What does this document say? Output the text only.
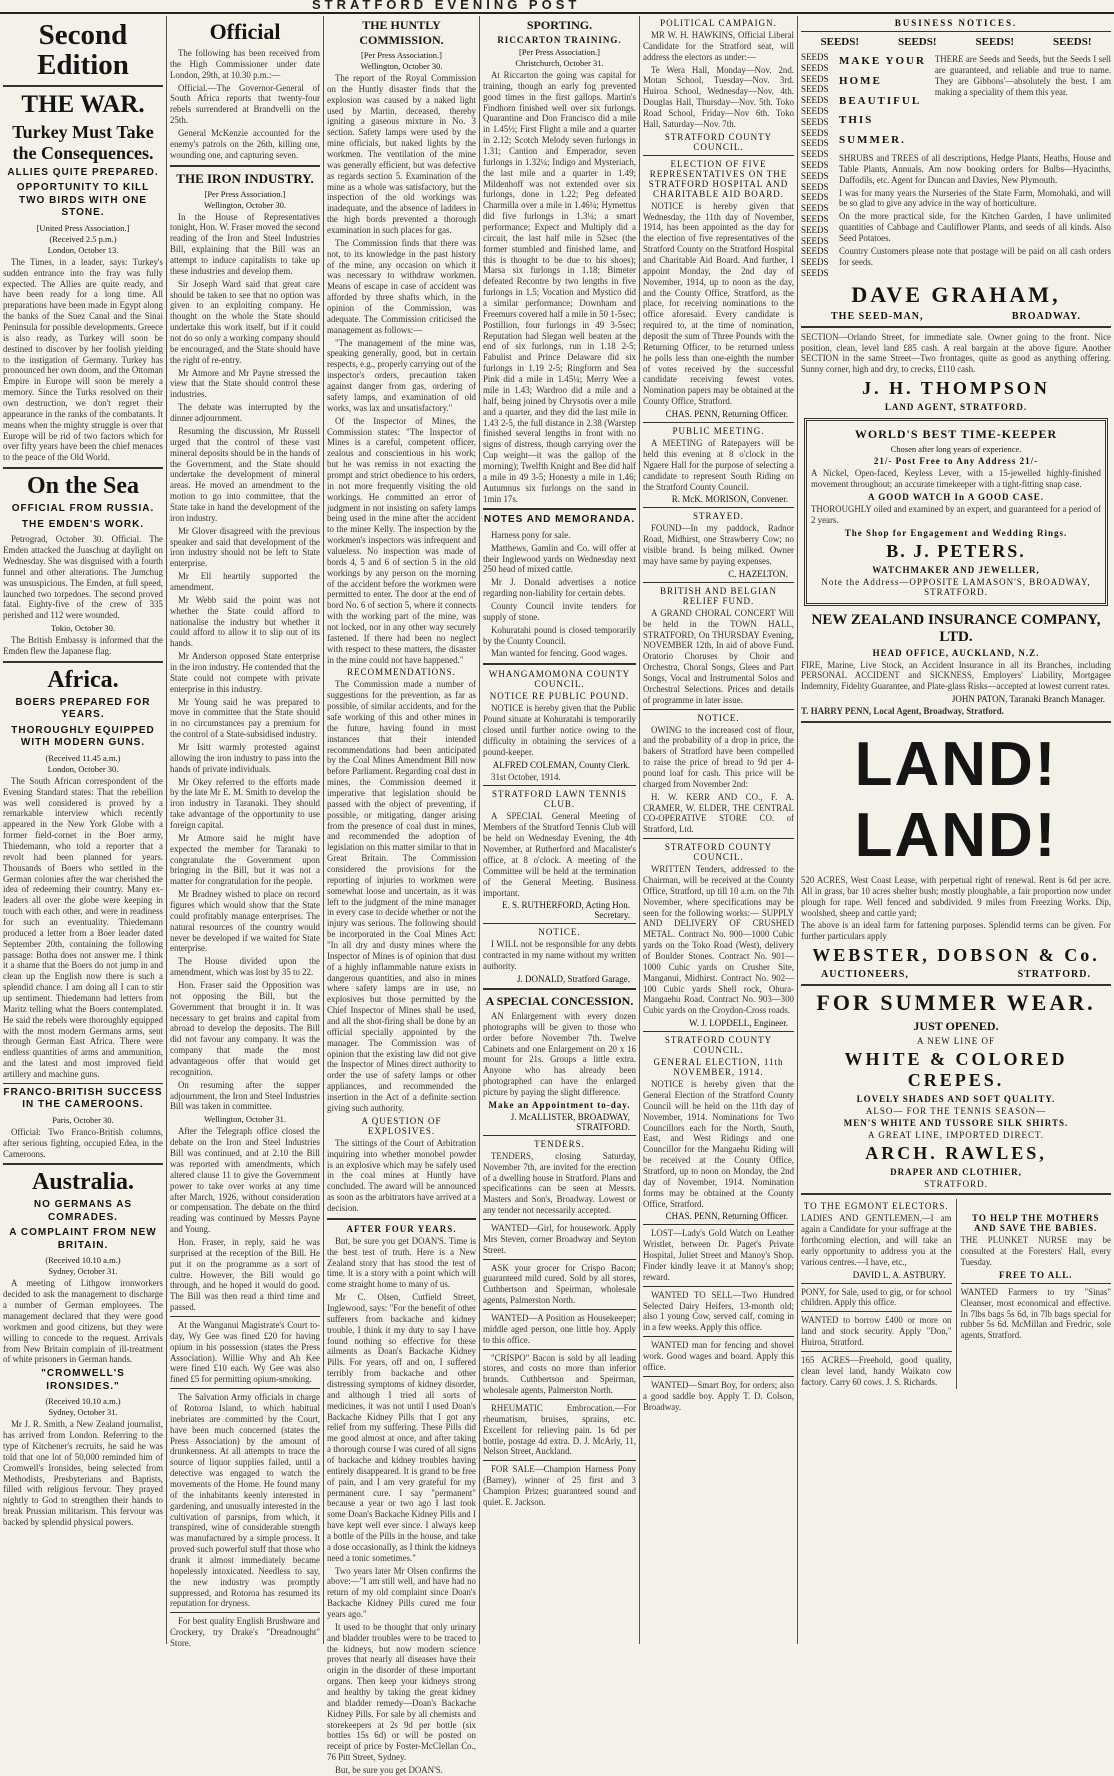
STRATFORD EVENING POST

Second Edition

THE WAR.

Turkey Must Take the Consequences.

ALLIES QUITE PREPARED.

OPPORTUNITY TO KILL TWO BIRDS WITH ONE STONE.

[United Press Association.]

(Received 2.5 p.m.)

London, October 13.

The Times, in a leader, says: Turkey's sudden entrance into the fray was fully expected. The Allies are quite ready, and have been ready for a long time. All preparations have been made in Egypt along the banks of the Suez Canal and the Sinai Peninsula for possible developments. Greece is also ready, as Turkey will soon be destined to discover by her foolish yielding to the instigation of Germany. Turkey has pronounced her own doom, and the Ottoman Empire in Europe will soon be merely a memory. Since the Turks resolved on their own destruction, we don't regret their appearance in the ranks of the combatants. It means when the mighty struggle is over that Europe will be rid of two factors which for over fifty years have been the chief menaces to the peace of the Old World.

On the Sea

OFFICIAL FROM RUSSIA.

THE EMDEN'S WORK.

Petrograd, October 30. Official. The Emden attacked the Juaschug at daylight on Wednesday. She was disguised with a fourth funnel and other alterations. The Jumchug was unsuspicious. The Emden, at full speed, launched two torpedoes. The second proved fatal. Eighty-five of the crew of 335 perished and 112 were wounded.

Tokio, October 30.

The British Embassy is informed that the Emden flew the Japanese flag.

Africa.

BOERS PREPARED FOR YEARS.

THOROUGHLY EQUIPPED WITH MODERN GUNS.

(Received 11.45 a.m.)

London, October 30.

The South African correspondent of the Evening Standard states: That the rebellion was well considered is proved by a remarkable interview which recently appeared in the New York Globe with a former field-cornet in the Boer army, Thiedemann, who told a reporter that a revolt had been planned for years. Thousands of Boers who settled in the German colonies after the war cherished the idea of redeeming their country. Many ex-leaders all over the globe were keeping in touch with each other, and were in readiness for such an eventuality. Thiedemann produced a letter from a Boer leader dated September 20th, containing the following passage: Botha does not answer me. I think it a shame that the Boers do not jump in and clean up the English now there is such a splendid chance. I am doing all I can to stir up sentiment. Thiedemann had letters from Maritz telling what the Boers contemplated. He said the rebels were thoroughly equipped with the most modern Germans arms, sent through German East Africa. There were endless quantities of arms and ammunition, and the latest and most improved field artillery and machine guns.

FRANCO-BRITISH SUCCESS IN THE CAMEROONS.

Paris, October 30.

Official: Two Franco-British columns, after serious fighting, occupied Edea, in the Cameroons.

Australia.

NO GERMANS AS COMRADES.

A COMPLAINT FROM NEW BRITAIN.

(Received 10.10 a.m.)

Sydney, October 31.

A meeting of Lithgow ironworkers decided to ask the management to discharge a number of German employees. The management declared that they were good workmen and good citizens, but they were willing to concede to the request. Arrivals from New Britain complain of ill-treatment of white prisoners in German hands.

"CROMWELL'S IRONSIDES."

(Received 10.10 a.m.)

Sydney, October 31.

Mr J. R. Smith, a New Zealand journalist, has arrived from London. Referring to the type of Kitchener's recruits, he said he was told that one lot of 50,000 reminded him of Cromwell's Ironsides, being selected from Methodists, Presbyterians and Baptists, filled with religious fervour. They prayed nightly to God to strengthen their hands to break Prussian militarism. This fervour was backed by splendid physical powers.

Official

The following has been received from the High Commissioner under date London, 29th, at 10.30 p.m.:—

Official.—The Governor-General of South Africa reports that twenty-four rebels surrendered at Brandvelli on the 25th.

General McKenzie accounted for the enemy's patrols on the 26th, killing one, wounding one, and capturing seven.

THE IRON INDUSTRY.

[Per Press Association.]

Wellington, October 30.

In the House of Representatives tonight, Hon. W. Fraser moved the second reading of the Iron and Steel Industries Bill, explaining that the Bill was an attempt to induce capitalists to take up these industries and develop them.

Sir Joseph Ward said that great care should be taken to see that no option was given to an exploiting company. He thought on the whole the State should undertake this work itself, but if it could not do so only a working company should be encouraged, and the State should have the right of re-entry.

Mr Atmore and Mr Payne stressed the view that the State should control these industries.

The debate was interrupted by the dinner adjournment.

Resuming the discussion, Mr Russell urged that the control of these vast mineral deposits should be in the hands of the Government, and the State should undertake the development of mineral areas. He moved an amendment to the motion to go into committee, that the State take in hand the development of the iron industry.

Mr Glover disagreed with the previous speaker and said that development of the iron industry should not be left to State enterprise.

Mr Ell heartily supported the amendment.

Mr Webb said the point was not whether the State could afford to nationalise the industry but whether it could afford to allow it to slip out of its hands.

Mr Anderson opposed State enterprise in the iron industry. He contended that the State could not compete with private enterprise in this industry.

Mr Young said he was prepared to move in committee that the State should in no circumstances pay a premium for the control of a State-subsidised industry.

Mr Isitt warmly protested against allowing the iron industry to pass into the hands of private individuals.

Mr Okey referred to the efforts made by the late Mr E. M. Smith to develop the iron industry in Taranaki. They should take advantage of the opportunity to use foreign capital.

Mr Atmore said he might have expected the member for Taranaki to congratulate the Government upon bringing in the Bill, but it was not a matter for congratulation for the people.

Mr Bradney wished to place on record figures which would show that the State could profitably manage enterprises. The natural resources of the country would never be developed if we waited for State enterprise.

The House divided upon the amendment, which was lost by 35 to 22.

Hon. Fraser said the Opposition was not opposing the Bill, but the Government that brought it in. It was necessary to get brains and capital from abroad to develop the deposits. The Bill did not favour any company. It was the company that made the most advantageous offer that would get recognition.

On resuming after the supper adjournment, the Iron and Steel Industries Bill was taken in committee.

Wellington, October 31.

After the Telegraph office closed the debate on the Iron and Steel Industries Bill was continued, and at 2.10 the Bill was reported with amendments, which altered clause 11 to give the Government power to take over works at any time after March, 1926, without consideration or compensation. The debate on the third reading was continued by Messrs Payne and Young.

Hon. Fraser, in reply, said he was surprised at the reception of the Bill. He put it on the programme as a sort of cultre. However, the Bill would go through, and he hoped it would do good. The Bill was then read a third time and passed.

At the Wanganui Magistrate's Court to-day, Wy Gee was fined £20 for having opium in his possession (states the Press Association). Willie Why and Ah Kee were fined £10 each. Wy Gee was also fined £5 for permitting opium-smoking.

The Salvation Army officials in charge of Rotoroa Island, to which habitual inebriates are committed by the Court, have been much concerned (states the Press Association) by the amount of drunkenness. At all attempts to trace the source of liquor supplies failed, until a detective was engaged to watch the movements of the Home. He found many of the inhabitants keenly interested in gardening, and unusually interested in the cultivation of parsnips, from which, it transpired, wine of considerable strength was manufactured by a simple process. It proved such powerful stuff that those who drank it almost immediately became hopelessly intoxicated. Needless to say, the new industry was promptly suppressed, and Rotoroa has resumed its reputation for dryness.

For best quality English Brushware and Crockery, try Drake's "Dreadnought" Store.

THE HUNTLY COMMISSION.

[Per Press Association.]

Wellington, October 30.

The report of the Royal Commission on the Huntly disaster finds that the explosion was caused by a naked light used by Martin, deceased, thereby igniting a gaseous mixture in No. 3 section. Safety lamps were used by the mine officials, but naked lights by the workmen. The ventilation of the mine was generally efficient, but was defective as regards section 5. Examination of the mine as a whole was satisfactory, but the inspection of the old workings was inadequate, and the absence of ladders in the high bords prevented a thorough examination in such places for gas.

The Commission finds that there was not, to its knowledge in the past history of the mine, any occasion on which it was necessary to withdraw workmen. Means of escape in case of accident was afforded by three shafts which, in the opinion of the Commission, was adequate. The Commission criticised the management as follows:—

"The management of the mine was, speaking generally, good, but in certain respects, e.g., properly carrying out of the inspector's orders, precaution taken against danger from gas, ordering of safety lamps, and examination of old works, was lax and unsatisfactory."

Of the Inspector of Mines, the Commission states: "The Inspector of Mines is a careful, competent officer, zealous and conscientious in his work; but he was remiss in not exacting the prompt and strict obedience to his orders, in not more frequently visiting the old workings. He committed an error of judgment in not insisting on safety lamps being used in the mine after the accident to the miner Kelly. The inspection by the workmen's inspectors was infrequent and valueless. No inspection was made of bords 4, 5 and 6 of section 5 in the old workings by any person on the morning of the accident before the workmen were permitted to enter. The door at the end of bord No. 6 of section 5, where it connects with the working part of the mine, was not locked, nor in any other way securely fastened. If there had been no neglect with respect to these matters, the disaster in the mine could not have happened."

RECOMMENDATIONS.

The Commission made a number of suggestions for the prevention, as far as possible, of similar accidents, and for the safe working of this and other mines in the future, having found in most instances that their intended recommendations had been anticipated by the Coal Mines Amendment Bill now before Parliament. Regarding coal dust in mines, the Commission deemed it imperative that legislation should be passed with the object of preventing, if possible, or mitigating, danger arising from the presence of coal dust in mines, and recommended the adoption of legislation on this matter similar to that in Great Britain. The Commission considered the provisions for the reporting of injuries to workmen were somewhat loose and uncertain, as it was left to the judgment of the mine manager in every case to decide whether or not the injury was serious. The following should be incorporated in the Coal Mines Act: "In all dry and dusty mines where the Inspector of Mines is of opinion that dust of a highly inflammable nature exists in dangerous quantities, and also in mines where safety lamps are in use, no explosives but those permitted by the Chief Inspector of Mines shall be used, and all the shot-firing shall be done by an official specially appointed by the manager. The Commission was of opinion that the existing law did not give the Inspector of Mines direct authority to order the use of safety lamps or other appliances, and recommended the insertion in the Act of a definite section giving such authority.

A QUESTION OF EXPLOSIVES.

The sittings of the Court of Arbitration inquiring into whether monobel powder is an explosive which may be safely used in the coal mines at Huntly have concluded. The award will be announced as soon as the arbitrators have arrived at a decision.

AFTER FOUR YEARS.

But, be sure you get DOAN'S. Time is the best test of truth. Here is a New Zealand story that has stood the test of time. It is a story with a point which will come straight home to many of us.

Mr C. Olsen, Cutfield Street, Inglewood, says: "For the benefit of other sufferers from backache and kidney trouble, I think it my duty to say I have found nothing so effective for these ailments as Doan's Backache Kidney Pills. For years, off and on, I suffered terribly from backache and other distressing symptoms of kidney disorder, and although I tried all sorts of medicines, it was not until I used Doan's Backache Kidney Pills that I got any relief from my suffering. These Pills did me good almost at once, and after taking a thorough course I was cured of all signs of backache and kidney troubles having entirely disappeared. It is grand to be free of pain, and I am very grateful for my permanent cure. I say "permanent" because a year or two ago I last took some Doan's Backache Kidney Pills and I have kept well ever since. I always keep a bottle of the Pills in the house, and take a dose occasionally, as I think the kidneys need a tonic sometimes."

Two years later Mr Olsen confirms the above:—"I am still well, and have had no return of my old complaint since Doan's Backache Kidney Pills cured me four years ago."

It used to be thought that only urinary and bladder troubles were to be traced to the kidneys, but now modern science proves that nearly all diseases have their origin in the disorder of these important organs. Then keep your kidneys strong and healthy by taking the great kidney and bladder remedy—Doan's Backache Kidney Pills. For sale by all chemists and storekeepers at 2s 9d per bottle (six bottles 15s 6d) or will be posted on receipt of price by Foster-McClellan Co., 76 Pitt Street, Sydney.

But, be sure you get DOAN'S.

SPORTING.

RICCARTON TRAINING.

[Per Press Association.]

Christchurch, October 31.

At Riccarton the going was capital for training, though an early fog prevented good times in the first gallops. Martin's Findhorn finished well over six furlongs. Quarantine and Don Francisco did a mile in 1.45½; First Flight a mile and a quarter in 2.12; Scotch Melody seven furlongs in 1.31; Cantion and Emperador, seven furlongs in 1.32¼; Indigo and Mysteriach, the last mile and a quarter in 1.49; Mildenhoff was not extended over six furlongs, done in 1.22; Peg defeated Charmilla over a mile in 1.46¼; Hymettus did five furlongs in 1.3¼; a smart performance; Expect and Multiply did a circuit, the last half mile in 52sec (the former stumbled and finished lame, and this is thought to be due to his shoes); Marsa six furlongs in 1.18; Bimeter defeated Recontre by two lengths in five furlongs in 1.5; Vocation and Mystico did a similar performance; Downham and Freemurs covered half a mile in 50 1-5sec; Postillion, four furlongs in 49 3-5sec; Reputation had Slegan well beaten at the end of six furlongs, run in 1.18 2-5; Fabulist and Prince Delaware did six furlongs in 1.19 2-5; Ringform and Sea Pink did a mile in 1.45¼; Merry Wee a mile in 1.43; Wardroo did a mile and a half, being joined by Chrysotis over a mile and a quarter, and they did the last mile in 1.43 2-5, the full distance in 2.38 (Warstep finished several lengths in front with no signs of distress, though carrying over the Cup weight—it was the gallop of the morning); Twelfth Knight and Bee did half a mile in 49 3-5; Honesty a mile in 1.46; Autumnus six furlongs on the sand in 1min 17s.

NOTES AND MEMORANDA.

Harness pony for sale.

Matthews, Gamlin and Co. will offer at their Inglewood yards on Wednesday next 250 head of mixed cattle.

Mr J. Donald advertises a notice regarding non-liability for certain debts.

County Council invite tenders for supply of stone.

Kohuratahi pound is closed temporarily by the County Council.

Man wanted for fencing. Good wages.

WHANGAMOMONA COUNTY COUNCIL.

NOTICE RE PUBLIC POUND.

NOTICE is hereby given that the Public Pound situate at Kohuratahi is temporarily closed until further notice owing to the difficulty in obtaining the services of a pound-keeper.

ALFRED COLEMAN, County Clerk.

31st October, 1914.

STRATFORD LAWN TENNIS CLUB.

A SPECIAL General Meeting of Members of the Stratford Tennis Club will be held on Wednesday Evening, the 4th November, at Rutherford and Macalister's office, at 8 o'clock. A meeting of the Committee will be held at the termination of the General Meeting. Business important.

E. S. RUTHERFORD, Acting Hon. Secretary.

NOTICE.

I WILL not be responsible for any debts contracted in my name without my written authority.

J. DONALD, Stratford Garage.

A SPECIAL CONCESSION.

AN Enlargement with every dozen photographs will be given to those who order before November 7th. Twelve Cabinets and one Enlargement on 20 x 16 mount for 21s. Groups a little extra. Anyone who has already been photographed can have the enlarged picture by paying the slight difference.

Make an Appointment to-day.

J. McALLISTER, BROADWAY, STRATFORD.

TENDERS.

TENDERS, closing Saturday, November 7th, are invited for the erection of a dwelling house in Stratford. Plans and specifications can be seen at Messrs. Masters and Son's, Broadway. Lowest or any tender not necessarily accepted.

WANTED—Girl, for housework. Apply Mrs Steven, corner Broadway and Seyton Street.

ASK your grocer for Crispo Bacon; guaranteed mild cured. Sold by all stores, Cuthbertson and Speirman, wholesale agents, Palmerston North.

WANTED—A Position as Housekeeper; middle aged person, one little boy. Apply to this office.

"CRISPO" Bacon is sold by all leading stores, and costs no more than inferior brands. Cuthbertson and Speirman, wholesale agents, Palmerston North.

RHEUMATIC Embrocation.—For rheumatism, bruises, sprains, etc. Excellent for relieving pain. 1s 6d per bottle, postage 4d extra. D. J. McArly, 11, Nelson Street, Auckland.

FOR SALE—Champion Harness Pony (Barney), winner of 25 first and 3 Champion Prizes; guaranteed sound and quiet. E. Jackson.

POLITICAL CAMPAIGN.

MR W. H. HAWKINS, Official Liberal Candidate for the Stratford seat, will address the electors as under:—

Te Wera Hall, Monday—Nov. 2nd. Motan School, Tuesday—Nov. 3rd. Huiroa School, Wednesday—Nov. 4th. Douglas Hall, Thursday—Nov. 5th. Toko Road School, Friday—Nov 6th. Toko Hall, Saturday—Nov. 7th.

STRATFORD COUNTY COUNCIL.

ELECTION OF FIVE REPRESENTATIVES ON THE STRATFORD HOSPITAL AND CHARITABLE AID BOARD.

NOTICE is hereby given that Wednesday, the 11th day of November, 1914, has been appointed as the day for the election of five representatives of the Stratford County on the Stratford Hospital and Charitable Aid Board. And further, I appoint Monday, the 2nd day of November, 1914, up to noon as the day, and the County Office, Stratford, as the place, for receiving nominations to the office aforesaid. Every candidate is required to, at the time of nomination, deposit the sum of Three Pounds with the Returning Officer, to be returned unless he polls less than one-eighth the number of votes received by the successful candidate receiving fewest votes. Nomination papers may be obtained at the County Office, Stratford.

CHAS. PENN, Returning Officer.

PUBLIC MEETING.

A MEETING of Ratepayers will be held this evening at 8 o'clock in the Ngaere Hall for the purpose of selecting a candidate to represent South Riding on the Stratford County Council.

R. McK. MORISON, Convener.

STRAYED.

FOUND—In my paddock, Radnor Road, Midhirst, one Strawberry Cow; no visible brand. Is being milked. Owner may have same by paying expenses.

C. HAZELTON.

BRITISH AND BELGIAN RELIEF FUND.

A GRAND CHORAL CONCERT Will be held in the TOWN HALL, STRATFORD, On THURSDAY Evening, NOVEMBER 12th, In aid of above Fund. Oratorio Choruses by Choir and Orchestra, Choral Songs, Glees and Part Songs, Vocal and Instrumental Solos and Orchestral Selections. Prices and details of programme in later issue.

NOTICE.

OWING to the increased cost of flour, and the probability of a drop in price, the bakers of Stratford have been compelled to raise the price of bread to 9d per 4-pound loaf for cash. This price will be charged from November 2nd:

H. W. KERR AND CO., F. A. CRAMER, W. ELDER, THE CENTRAL CO-OPERATIVE STORE CO. of Stratford, Ltd.

STRATFORD COUNTY COUNCIL.

WRITTEN Tenders, addressed to the Chairman, will be received at the County Office, Stratford, up till 10 a.m. on the 7th November, where specifications may be seen for the following works:— SUPPLY AND DELIVERY OF CRUSHED METAL. Contract No. 900—1000 Cubic yards on the Toko Road (West), delivery of Boulder Stones. Contract No. 901—1000 Cubic yards on Crusher Site, Manganui, Midhirst. Contract No. 902—100 Cubic yards Shell rock, Ohura-Mangaehu Road. Contract No. 903—300 Cubic yards on the Croydon-Cross roads.

W. J. LOPDELL, Engineer.

STRATFORD COUNTY COUNCIL.

GENERAL ELECTION, 11th NOVEMBER, 1914.

NOTICE is hereby given that the General Election of the Stratford County Council will be held on the 11th day of November, 1914. Nominations for Two Councillors each for the North, South, East, and West Ridings and one Councillor for the Mangaehu Riding will be received at the County Office, Stratford, up to noon on Monday, the 2nd day of November, 1914. Nomination forms may be obtained at the County Office, Stratford.

CHAS. PENN, Returning Officer.

LOST—Lady's Gold Watch on Leather Wristlet, between Dr. Paget's Private Hospital, Juliet Street and Manoy's Shop. Finder kindly leave it at Manoy's shop; reward.

WANTED TO SELL—Two Hundred Selected Dairy Heifers, 13-month old; also 1 young Cow, served calf, coming in in a few weeks. Apply this office.

WANTED man for fencing and shovel work. Good wages and board. Apply this office.

WANTED—Smart Boy, for orders; also a good saddle boy. Apply T. D. Colson, Broadway.

BUSINESS NOTICES.

SEEDS!	SEEDS!	SEEDS!	SEEDS!
SEEDS
SEEDS
SEEDS
SEEDS
SEEDS
SEEDS
SEEDS
SEEDS
SEEDS
SEEDS
SEEDS
SEEDS
SEEDS
SEEDS
SEEDS
SEEDS
SEEDS
SEEDS
SEEDS
SEEDS
SEEDS

MAKE YOUR HOME BEAUTIFUL THIS SUMMER.

THERE are Seeds and Seeds, but the Seeds I sell are guaranteed, and reliable and true to name. They are Gibbons'—absolutely the best. I am making a speciality of them this year.

SHRUBS and TREES of all descriptions, Hedge Plants, Heaths, House and Table Plants, Annuals. Am now booking orders for Bulbs—Hyacinths, Daffodils, etc. Agent for Duncan and Davies, New Plymouth.

I was for many years the Nurseries of the State Farm, Momohaki, and will be so glad to give any advice in the way of horticulture.

On the more practical side, for the Kitchen Garden, I have unlimited quantities of Cabbage and Cauliflower Plants, and seeds of all kinds. Also Seed Potatoes.

Country Customers please note that postage will be paid on all cash orders for seeds.

DAVE GRAHAM,

THE SEED-MAN,	BROADWAY.

SECTION—Orlando Street, for immediate sale. Owner going to the front. Nice position, clean, level land £85 cash. A real bargain at the above figure. Another SECTION in the same Street—Two frontages, quite as good as anything offering. Sunny corner, high and dry, to crecks, £110 cash.

J. H. THOMPSON

LAND AGENT, STRATFORD.

WORLD'S BEST TIME-KEEPER

Chosen after long years of experience.

21/- Post Free to Any Address 21/-

A Nickel, Open-faced, Keyless Lever, with a 15-jewelled highly-finished movement throughout; an accurate timekeeper with a tight-fitting snap case.

A GOOD WATCH In A GOOD CASE.

THOROUGHLY oiled and examined by an expert, and guaranteed for a period of 2 years.

The Shop for Engagement and Wedding Rings.

B. J. PETERS.

WATCHMAKER AND JEWELLER,

Note the Address—OPPOSITE LAMASON'S, BROADWAY, STRATFORD.

NEW ZEALAND INSURANCE COMPANY, LTD.

HEAD OFFICE, AUCKLAND, N.Z.

FIRE, Marine, Live Stock, an Accident Insurance in all its Branches, including PERSONAL ACCIDENT and SICKNESS, Employers' Liability, Mortgagee Indemnity, Fidelity Guarantee, and Plate-glass Risks—accepted at lowest current rates.

JOHN PATON, Taranaki Branch Manager.

T. HARRY PENN, Local Agent, Broadway, Stratford.

LAND! LAND!

520 ACRES, West Coast Lease, with perpetual right of renewal. Rent is 6d per acre. All in grass, bar 10 acres shelter bush; mostly ploughable, a fair proportion now under plough for rape. Well fenced and subdivided. 9 miles from Freezing Works. Dip, woolshed, sheep and cattle yard;

The above is an ideal farm for fattening purposes. Splendid terms can be given. For further particulars apply

WEBSTER, DOBSON & Co.

AUCTIONEERS,	STRATFORD.

FOR SUMMER WEAR.

JUST OPENED.

A NEW LINE OF

WHITE & COLORED CREPES.

LOVELY SHADES AND SOFT QUALITY.

ALSO— FOR THE TENNIS SEASON—

MEN'S WHITE AND TUSSORE SILK SHIRTS.

A GREAT LINE, IMPORTED DIRECT.

ARCH. RAWLES,

DRAPER AND CLOTHIER,

STRATFORD.

TO THE EGMONT ELECTORS.

LADIES AND GENTLEMEN,—I am again a Candidate for your suffrage at the forthcoming election, and will take an early opportunity to address you at the various centres.—I have, etc.,

DAVID L. A. ASTBURY.

PONY, for Sale, used to gig, or for school children. Apply this office.

WANTED to borrow £400 or more on land and stock security. Apply "Don," Huiroa, Stratford.

165 ACRES—Freehold, good quality, clean level land, handy Waikato cow factory. Carry 60 cows. J. S. Richards.

TO HELP THE MOTHERS AND SAVE THE BABIES.

THE PLUNKET NURSE may be consulted at the Foresters' Hall, every Tuesday.

FREE TO ALL.

WANTED Farmers to try "Sinas" Cleanser, most economical and effective. In 7lbs bags 5s 6d, in 7lb bags special for rubber 5s 6d. McMillan and Fredric, sole agents, Stratford.
